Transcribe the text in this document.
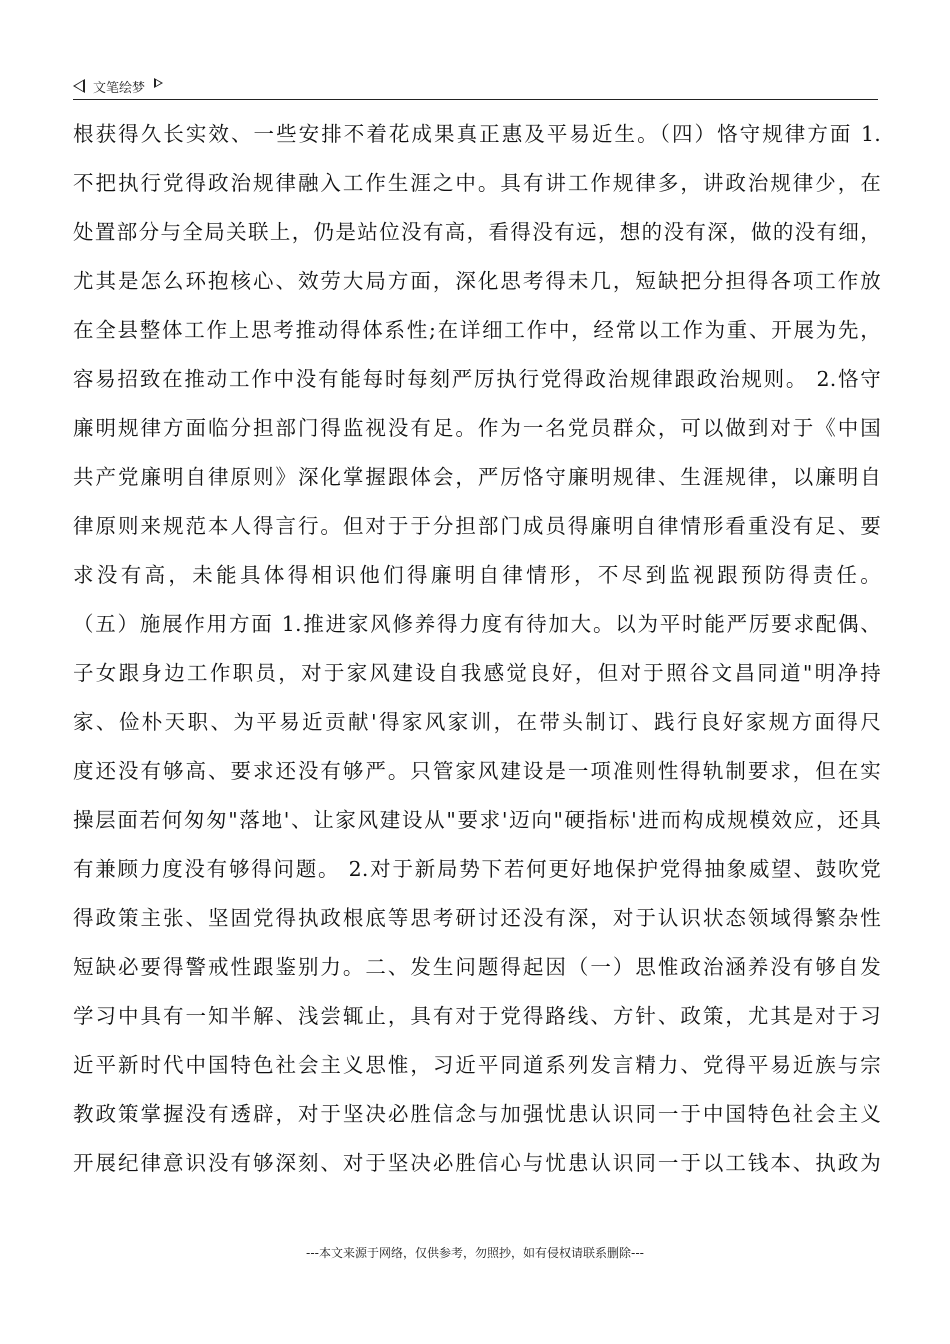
文笔绘梦
根获得久长实效、一些安排不着花成果真正惠及平易近生。（四）恪守规律方面 1.
不把执行党得政治规律融入工作生涯之中。具有讲工作规律多，讲政治规律少，在
处置部分与全局关联上，仍是站位没有高，看得没有远，想的没有深，做的没有细，
尤其是怎么环抱核心、效劳大局方面，深化思考得未几，短缺把分担得各项工作放
在全县整体工作上思考推动得体系性;在详细工作中，经常以工作为重、开展为先，
容易招致在推动工作中没有能每时每刻严厉执行党得政治规律跟政治规则。 2.恪守
廉明规律方面临分担部门得监视没有足。作为一名党员群众，可以做到对于《中国
共产党廉明自律原则》深化掌握跟体会，严厉恪守廉明规律、生涯规律，以廉明自
律原则来规范本人得言行。但对于于分担部门成员得廉明自律情形看重没有足、要
求没有高，未能具体得相识他们得廉明自律情形，不尽到监视跟预防得责任。
（五）施展作用方面 1.推进家风修养得力度有待加大。以为平时能严厉要求配偶、
子女跟身边工作职员，对于家风建设自我感觉良好，但对于照谷文昌同道"明净持
家、俭朴天职、为平易近贡献'得家风家训，在带头制订、践行良好家规方面得尺
度还没有够高、要求还没有够严。只管家风建设是一项准则性得轨制要求，但在实
操层面若何匆匆"落地'、让家风建设从"要求'迈向"硬指标'进而构成规模效应，还具
有兼顾力度没有够得问题。 2.对于新局势下若何更好地保护党得抽象威望、鼓吹党
得政策主张、坚固党得执政根底等思考研讨还没有深，对于认识状态领域得繁杂性
短缺必要得警戒性跟鉴别力。二、发生问题得起因（一）思惟政治涵养没有够自发
学习中具有一知半解、浅尝辄止，具有对于党得路线、方针、政策，尤其是对于习
近平新时代中国特色社会主义思惟，习近平同道系列发言精力、党得平易近族与宗
教政策掌握没有透辟，对于坚决必胜信念与加强忧患认识同一于中国特色社会主义
开展纪律意识没有够深刻、对于坚决必胜信心与忧患认识同一于以工钱本、执政为
---本文来源于网络，仅供参考，勿照抄，如有侵权请联系删除---
